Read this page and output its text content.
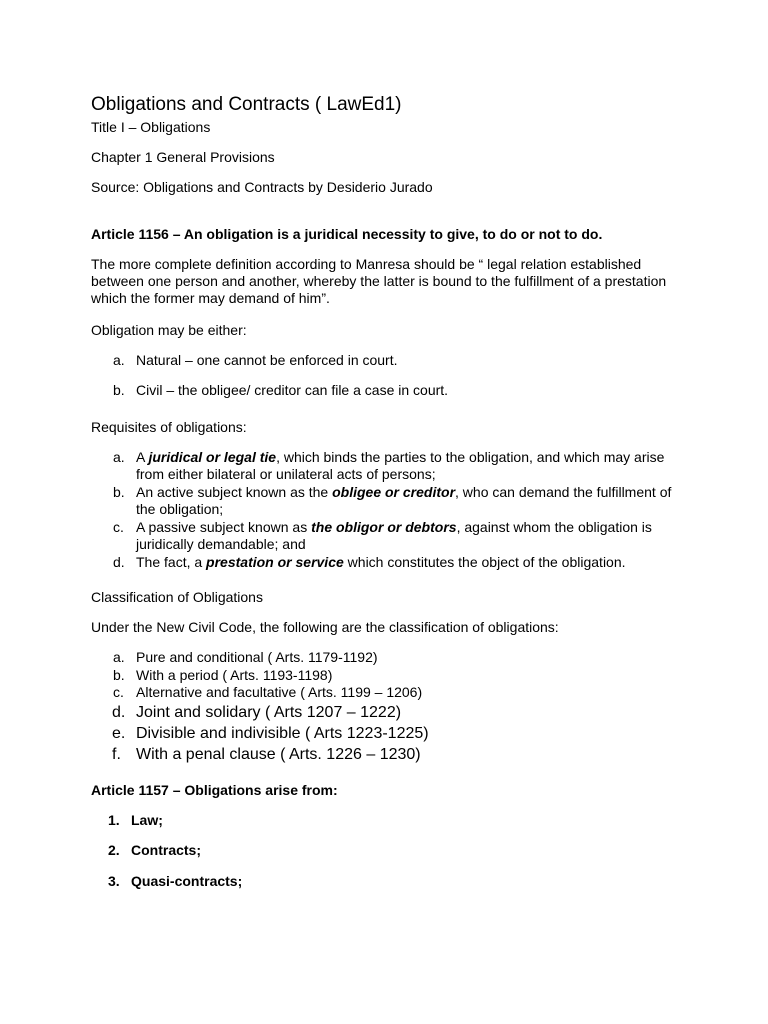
Obligations and Contracts ( LawEd1)

Title I – Obligations

Chapter 1 General Provisions

Source: Obligations and Contracts by Desiderio Jurado

Article 1156 – An obligation is a juridical necessity to give, to do or not to do.

The more complete definition according to Manresa should be “ legal relation established between one person and another, whereby the latter is bound to the fulfillment of a prestation which the former may demand of him”.

Obligation may be either:

a. Natural – one cannot be enforced in court.
b. Civil – the obligee/ creditor can file a case in court.

Requisites of obligations:

a. A juridical or legal tie, which binds the parties to the obligation, and which may arise from either bilateral or unilateral acts of persons;
b. An active subject known as the obligee or creditor, who can demand the fulfillment of the obligation;
c. A passive subject known as the obligor or debtors, against whom the obligation is juridically demandable; and
d. The fact, a prestation or service which constitutes the object of the obligation.

Classification of Obligations

Under the New Civil Code, the following are the classification of obligations:

a. Pure and conditional ( Arts. 1179-1192)
b. With a period ( Arts. 1193-1198)
c. Alternative and facultative ( Arts. 1199 – 1206)
d. Joint and solidary ( Arts 1207 – 1222)
e. Divisible and indivisible ( Arts 1223-1225)
f. With a penal clause ( Arts. 1226 – 1230)

Article 1157 – Obligations arise from:

1. Law;
2. Contracts;
3. Quasi-contracts;
